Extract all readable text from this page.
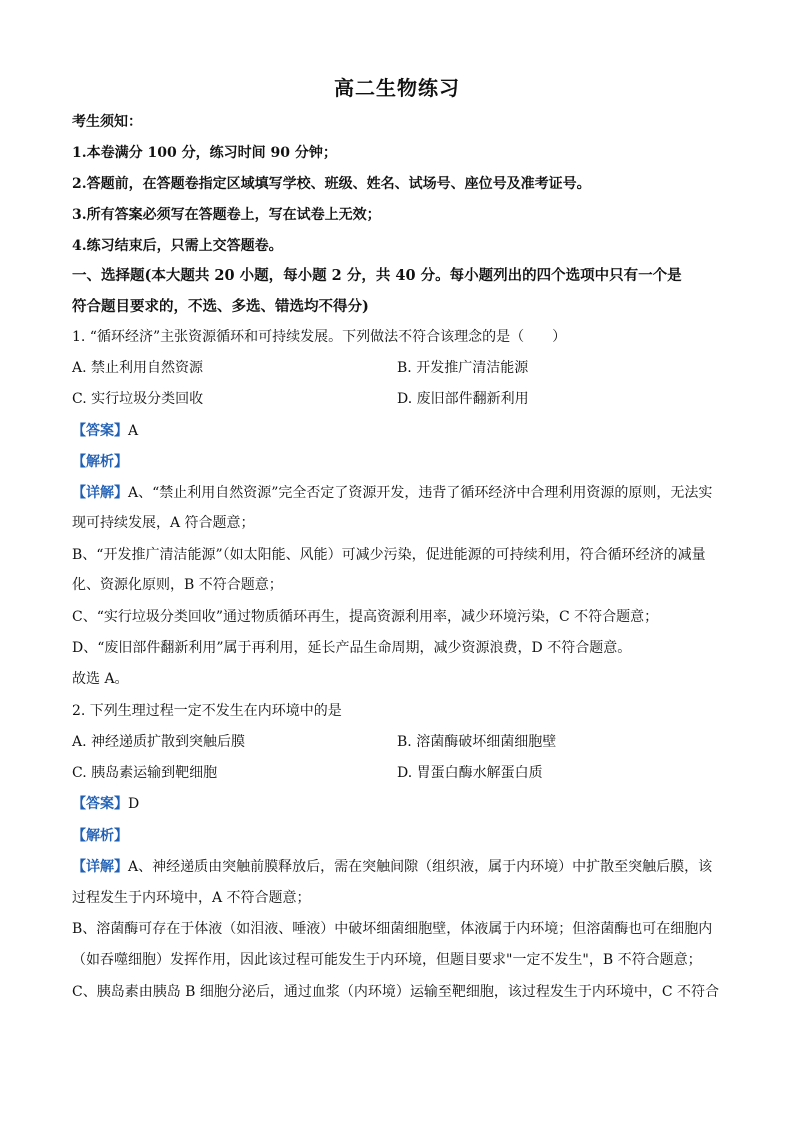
高二生物练习
考生须知：
1.本卷满分 100 分，练习时间 90 分钟；
2.答题前，在答题卷指定区域填写学校、班级、姓名、试场号、座位号及准考证号。
3.所有答案必须写在答题卷上，写在试卷上无效；
4.练习结束后，只需上交答题卷。
一、选择题(本大题共 20 小题，每小题 2 分，共 40 分。每小题列出的四个选项中只有一个是
符合题目要求的，不选、多选、错选均不得分)
1. “循环经济”主张资源循环和可持续发展。下列做法不符合该理念的是（　　）
A. 禁止利用自然资源	B. 开发推广清洁能源
C. 实行垃圾分类回收	D. 废旧部件翻新利用
【答案】A
【解析】
【详解】A、“禁止利用自然资源”完全否定了资源开发，违背了循环经济中合理利用资源的原则，无法实
现可持续发展，A 符合题意；
B、“开发推广清洁能源”（如太阳能、风能）可减少污染，促进能源的可持续利用，符合循环经济的减量
化、资源化原则，B 不符合题意；
C、“实行垃圾分类回收”通过物质循环再生，提高资源利用率，减少环境污染，C 不符合题意；
D、“废旧部件翻新利用”属于再利用，延长产品生命周期，减少资源浪费，D 不符合题意。
故选 A。
2. 下列生理过程一定不发生在内环境中的是
A. 神经递质扩散到突触后膜	B. 溶菌酶破坏细菌细胞壁
C. 胰岛素运输到靶细胞	D. 胃蛋白酶水解蛋白质
【答案】D
【解析】
【详解】A、神经递质由突触前膜释放后，需在突触间隙（组织液，属于内环境）中扩散至突触后膜，该
过程发生于内环境中，A 不符合题意；
B、溶菌酶可存在于体液（如泪液、唾液）中破坏细菌细胞壁，体液属于内环境；但溶菌酶也可在细胞内
（如吞噬细胞）发挥作用，因此该过程可能发生于内环境，但题目要求"一定不发生"，B 不符合题意；
C、胰岛素由胰岛 B 细胞分泌后，通过血浆（内环境）运输至靶细胞，该过程发生于内环境中，C 不符合
